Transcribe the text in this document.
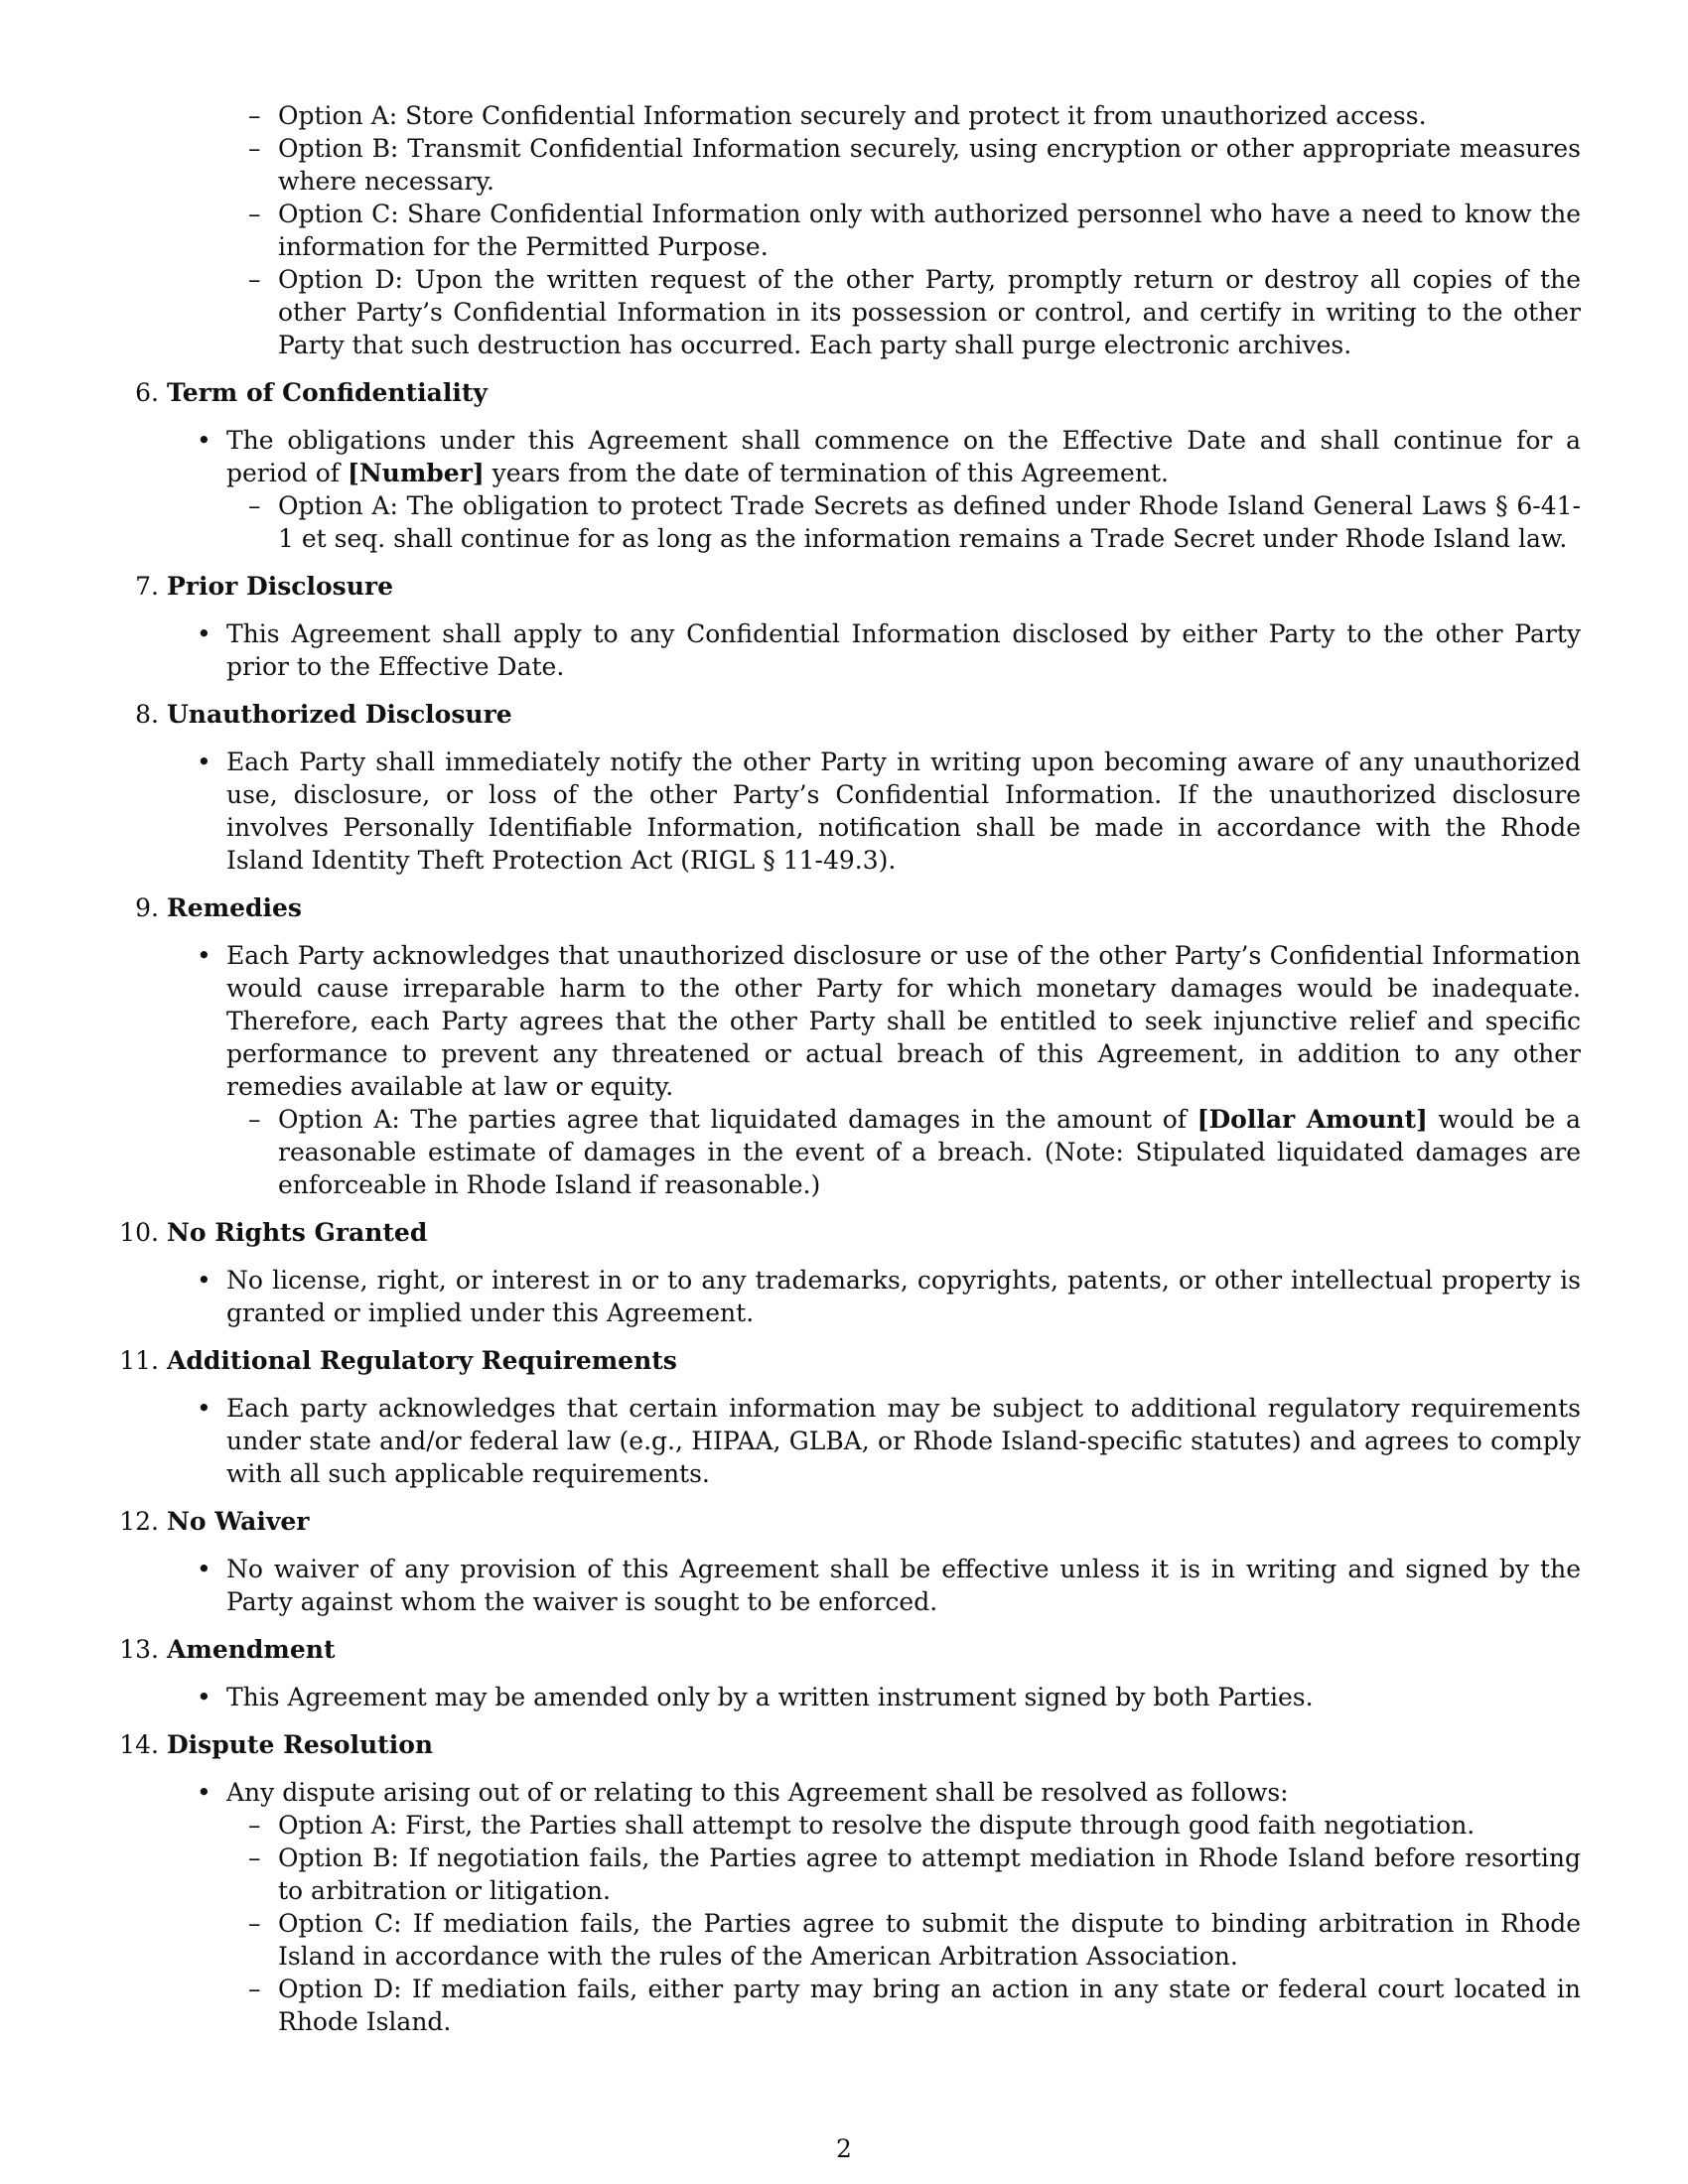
– Option A: Store Confidential Information securely and protect it from unauthorized access.
– Option B: Transmit Confidential Information securely, using encryption or other appropriate measures where necessary.
– Option C: Share Confidential Information only with authorized personnel who have a need to know the information for the Permitted Purpose.
– Option D: Upon the written request of the other Party, promptly return or destroy all copies of the other Party’s Confidential Information in its possession or control, and certify in writing to the other Party that such destruction has occurred. Each party shall purge electronic archives.
6. Term of Confidentiality
• The obligations under this Agreement shall commence on the Effective Date and shall continue for a period of [Number] years from the date of termination of this Agreement.
– Option A: The obligation to protect Trade Secrets as defined under Rhode Island General Laws § 6-41-1 et seq. shall continue for as long as the information remains a Trade Secret under Rhode Island law.
7. Prior Disclosure
• This Agreement shall apply to any Confidential Information disclosed by either Party to the other Party prior to the Effective Date.
8. Unauthorized Disclosure
• Each Party shall immediately notify the other Party in writing upon becoming aware of any unauthorized use, disclosure, or loss of the other Party’s Confidential Information. If the unauthorized disclosure involves Personally Identifiable Information, notification shall be made in accordance with the Rhode Island Identity Theft Protection Act (RIGL § 11-49.3).
9. Remedies
• Each Party acknowledges that unauthorized disclosure or use of the other Party’s Confidential Information would cause irreparable harm to the other Party for which monetary damages would be inadequate. Therefore, each Party agrees that the other Party shall be entitled to seek injunctive relief and specific performance to prevent any threatened or actual breach of this Agreement, in addition to any other remedies available at law or equity.
– Option A: The parties agree that liquidated damages in the amount of [Dollar Amount] would be a reasonable estimate of damages in the event of a breach. (Note: Stipulated liquidated damages are enforceable in Rhode Island if reasonable.)
10. No Rights Granted
• No license, right, or interest in or to any trademarks, copyrights, patents, or other intellectual property is granted or implied under this Agreement.
11. Additional Regulatory Requirements
• Each party acknowledges that certain information may be subject to additional regulatory requirements under state and/or federal law (e.g., HIPAA, GLBA, or Rhode Island-specific statutes) and agrees to comply with all such applicable requirements.
12. No Waiver
• No waiver of any provision of this Agreement shall be effective unless it is in writing and signed by the Party against whom the waiver is sought to be enforced.
13. Amendment
• This Agreement may be amended only by a written instrument signed by both Parties.
14. Dispute Resolution
• Any dispute arising out of or relating to this Agreement shall be resolved as follows:
– Option A: First, the Parties shall attempt to resolve the dispute through good faith negotiation.
– Option B: If negotiation fails, the Parties agree to attempt mediation in Rhode Island before resorting to arbitration or litigation.
– Option C: If mediation fails, the Parties agree to submit the dispute to binding arbitration in Rhode Island in accordance with the rules of the American Arbitration Association.
– Option D: If mediation fails, either party may bring an action in any state or federal court located in Rhode Island.
2
